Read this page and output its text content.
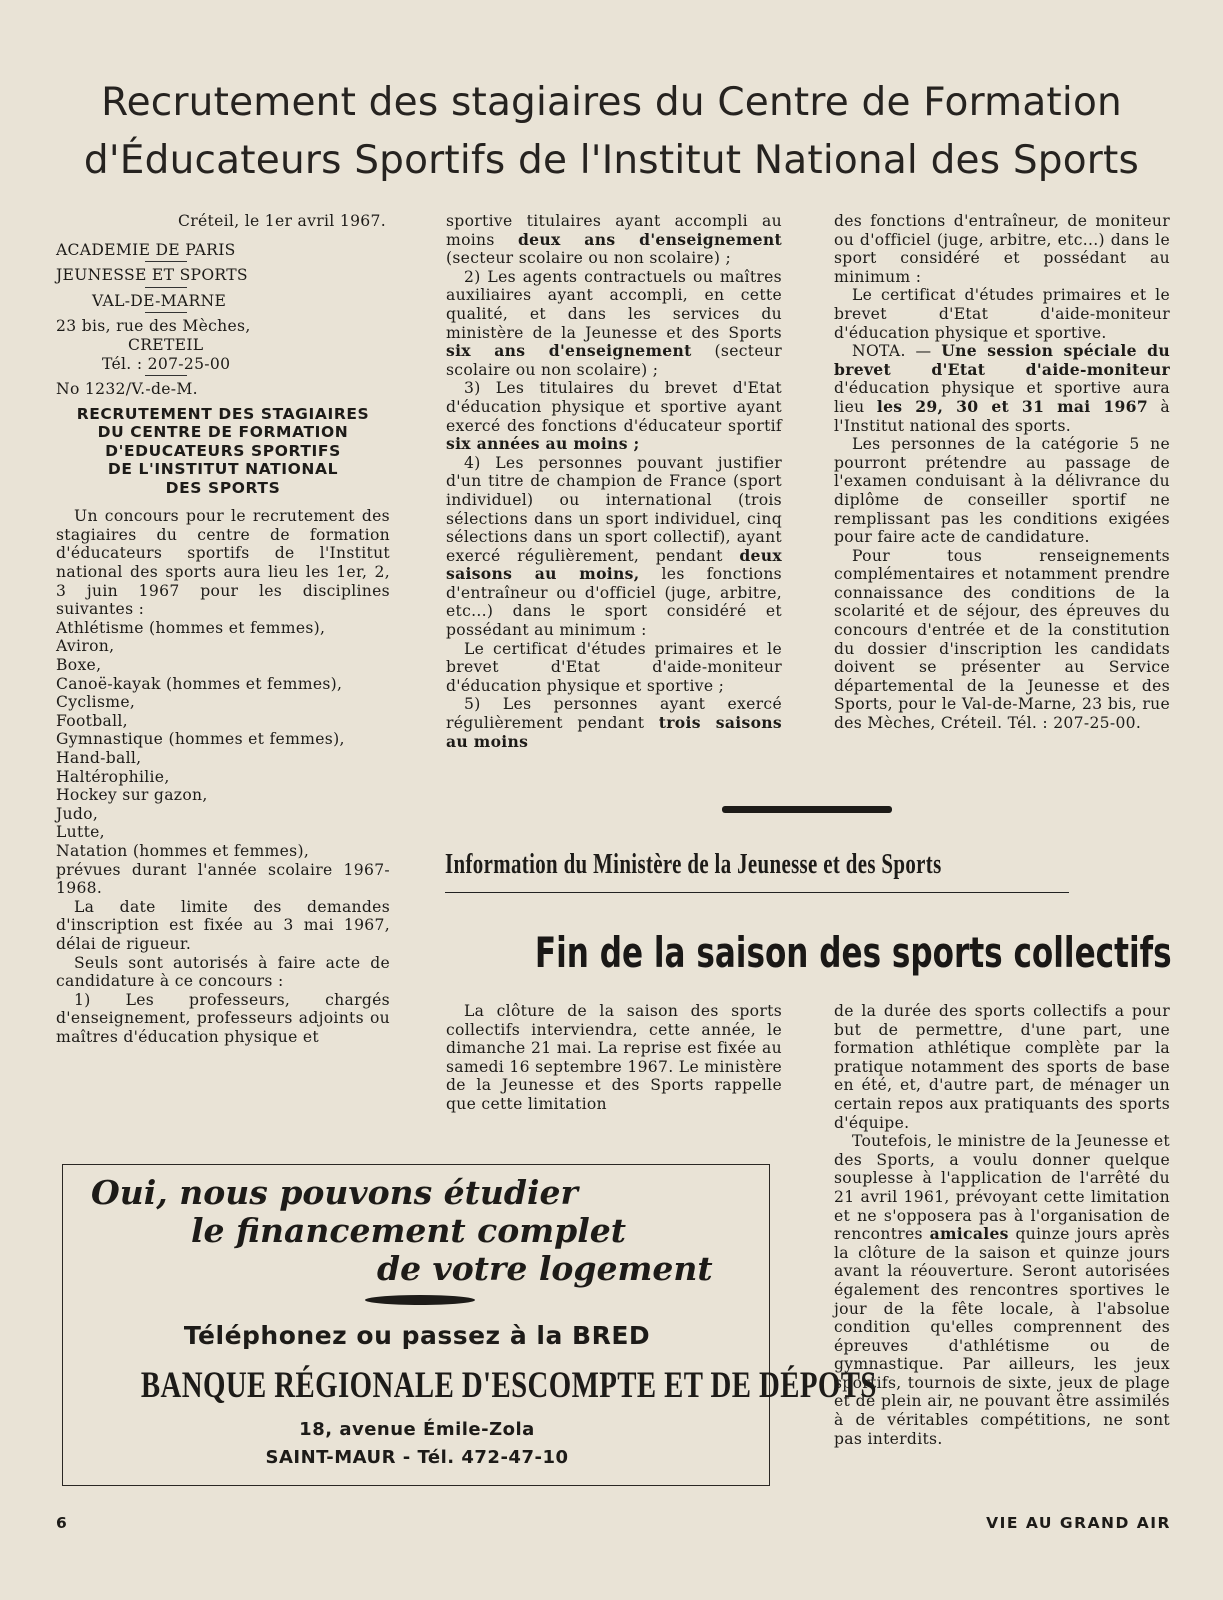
Recrutement des stagiaires du Centre de Formation
d'Éducateurs Sportifs de l'Institut National des Sports

Créteil, le 1er avril 1967.

ACADEMIE DE PARIS

JEUNESSE ET SPORTS

VAL-DE-MARNE

23 bis, rue des Mèches,

CRETEIL

Tél. : 207-25-00

No 1232/V.-de-M.

RECRUTEMENT DES STAGIAIRES
DU CENTRE DE FORMATION
D'EDUCATEURS SPORTIFS
DE L'INSTITUT NATIONAL
DES SPORTS

Un concours pour le recrutement des stagiaires du centre de formation d'éducateurs sportifs de l'Institut national des sports aura lieu les 1er, 2, 3 juin 1967 pour les disciplines suivantes :

Athlétisme (hommes et femmes),

Aviron,

Boxe,

Canoë-kayak (hommes et femmes),

Cyclisme,

Football,

Gymnastique (hommes et femmes),

Hand-ball,

Haltérophilie,

Hockey sur gazon,

Judo,

Lutte,

Natation (hommes et femmes),

prévues durant l'année scolaire 1967-1968.

La date limite des demandes d'inscription est fixée au 3 mai 1967, délai de rigueur.

Seuls sont autorisés à faire acte de candidature à ce concours :

1) Les professeurs, chargés d'enseignement, professeurs adjoints ou maîtres d'éducation physique et

sportive titulaires ayant accompli au moins deux ans d'enseignement (secteur scolaire ou non scolaire) ;

2) Les agents contractuels ou maîtres auxiliaires ayant accompli, en cette qualité, et dans les services du ministère de la Jeunesse et des Sports six ans d'enseignement (secteur scolaire ou non scolaire) ;

3) Les titulaires du brevet d'Etat d'éducation physique et sportive ayant exercé des fonctions d'éducateur sportif six années au moins ;

4) Les personnes pouvant justifier d'un titre de champion de France (sport individuel) ou international (trois sélections dans un sport individuel, cinq sélections dans un sport collectif), ayant exercé régulièrement, pendant deux saisons au moins, les fonctions d'entraîneur ou d'officiel (juge, arbitre, etc...) dans le sport considéré et possédant au minimum :

Le certificat d'études primaires et le brevet d'Etat d'aide-moniteur d'éducation physique et sportive ;

5) Les personnes ayant exercé régulièrement pendant trois saisons au moins

des fonctions d'entraîneur, de moniteur ou d'officiel (juge, arbitre, etc...) dans le sport considéré et possédant au minimum :

Le certificat d'études primaires et le brevet d'Etat d'aide-moniteur d'éducation physique et sportive.

NOTA. — Une session spéciale du brevet d'Etat d'aide-moniteur d'éducation physique et sportive aura lieu les 29, 30 et 31 mai 1967 à l'Institut national des sports.

Les personnes de la catégorie 5 ne pourront prétendre au passage de l'examen conduisant à la délivrance du diplôme de conseiller sportif ne remplissant pas les conditions exigées pour faire acte de candidature.

Pour tous renseignements complémentaires et notamment prendre connaissance des conditions de la scolarité et de séjour, des épreuves du concours d'entrée et de la constitution du dossier d'inscription les candidats doivent se présenter au Service départemental de la Jeunesse et des Sports, pour le Val-de-Marne, 23 bis, rue des Mèches, Créteil. Tél. : 207-25-00.

Information du Ministère de la Jeunesse et des Sports
Fin de la saison des sports collectifs

La clôture de la saison des sports collectifs interviendra, cette année, le dimanche 21 mai. La reprise est fixée au samedi 16 septembre 1967. Le ministère de la Jeunesse et des Sports rappelle que cette limitation

de la durée des sports collectifs a pour but de permettre, d'une part, une formation athlétique complète par la pratique notamment des sports de base en été, et, d'autre part, de ménager un certain repos aux pratiquants des sports d'équipe.

Toutefois, le ministre de la Jeunesse et des Sports, a voulu donner quelque souplesse à l'application de l'arrêté du 21 avril 1961, prévoyant cette limitation et ne s'opposera pas à l'organisation de rencontres amicales quinze jours après la clôture de la saison et quinze jours avant la réouverture. Seront autorisées également des rencontres sportives le jour de la fête locale, à l'absolue condition qu'elles comprennent des épreuves d'athlétisme ou de gymnastique. Par ailleurs, les jeux sportifs, tournois de sixte, jeux de plage et de plein air, ne pouvant être assimilés à de véritables compétitions, ne sont pas interdits.

Oui, nous pouvons étudier
le financement complet
de votre logement
Téléphonez ou passez à la BRED
BANQUE RÉGIONALE D'ESCOMPTE ET DE DÉPOTS
18, avenue Émile-Zola
SAINT-MAUR - Tél. 472-47-10
6	VIE AU GRAND AIR
